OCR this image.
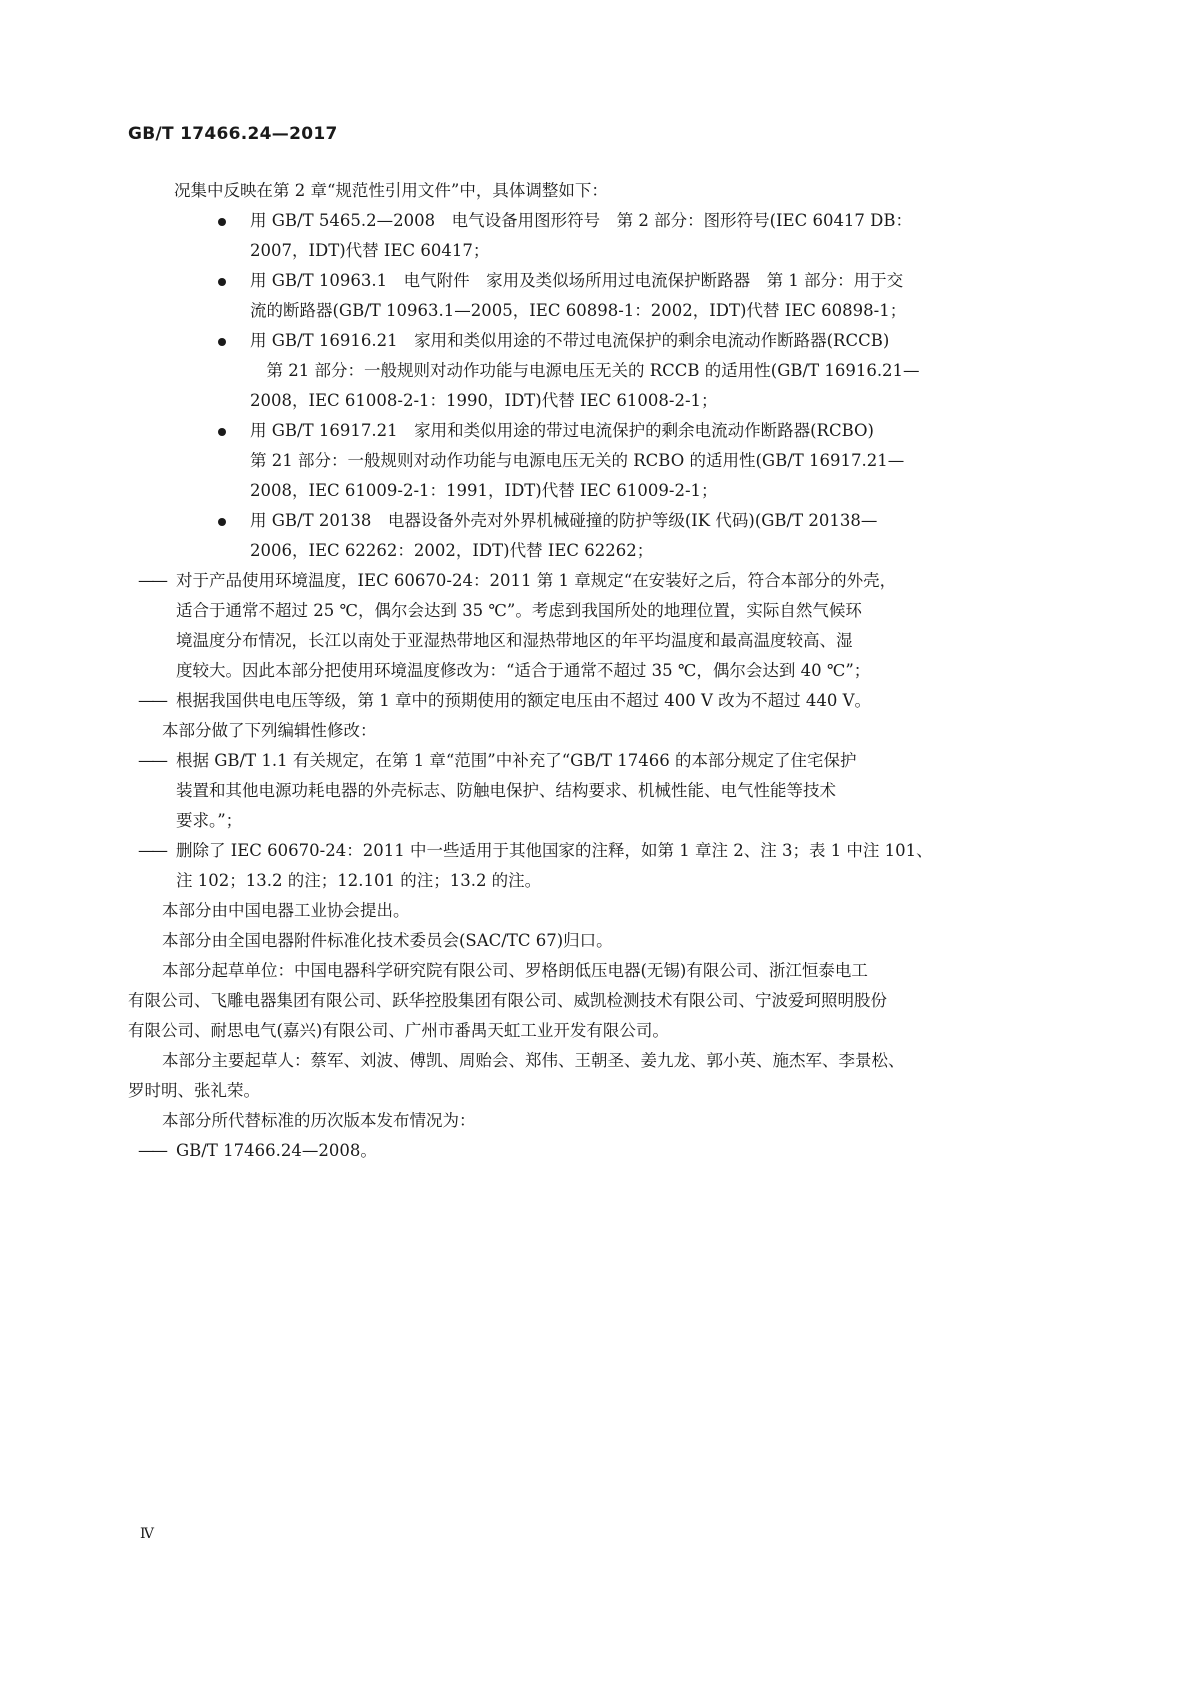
GB/T 17466.24—2017
况集中反映在第 2 章“规范性引用文件”中，具体调整如下：
用 GB/T 5465.2—2008　电气设备用图形符号　第 2 部分：图形符号(IEC 60417 DB：
2007，IDT)代替 IEC 60417；
用 GB/T 10963.1　电气附件　家用及类似场所用过电流保护断路器　第 1 部分：用于交
流的断路器(GB/T 10963.1—2005，IEC 60898-1：2002，IDT)代替 IEC 60898-1；
用 GB/T 16916.21　家用和类似用途的不带过电流保护的剩余电流动作断路器(RCCB)
　第 21 部分：一般规则对动作功能与电源电压无关的 RCCB 的适用性(GB/T 16916.21—
2008，IEC 61008-2-1：1990，IDT)代替 IEC 61008-2-1；
用 GB/T 16917.21　家用和类似用途的带过电流保护的剩余电流动作断路器(RCBO)
第 21 部分：一般规则对动作功能与电源电压无关的 RCBO 的适用性(GB/T 16917.21—
2008，IEC 61009-2-1：1991，IDT)代替 IEC 61009-2-1；
用 GB/T 20138　电器设备外壳对外界机械碰撞的防护等级(IK 代码)(GB/T 20138—
2006，IEC 62262：2002，IDT)代替 IEC 62262；
—— 对于产品使用环境温度，IEC 60670-24：2011 第 1 章规定“在安装好之后，符合本部分的外壳，
适合于通常不超过 25 ℃，偶尔会达到 35 ℃”。考虑到我国所处的地理位置，实际自然气候环
境温度分布情况，长江以南处于亚湿热带地区和湿热带地区的年平均温度和最高温度较高、湿
度较大。因此本部分把使用环境温度修改为：“适合于通常不超过 35 ℃，偶尔会达到 40 ℃”；
—— 根据我国供电电压等级，第 1 章中的预期使用的额定电压由不超过 400 V 改为不超过 440 V。
本部分做了下列编辑性修改：
—— 根据 GB/T 1.1 有关规定，在第 1 章“范围”中补充了“GB/T 17466 的本部分规定了住宅保护
装置和其他电源功耗电器的外壳标志、防触电保护、结构要求、机械性能、电气性能等技术
要求。”；
—— 删除了 IEC 60670-24：2011 中一些适用于其他国家的注释，如第 1 章注 2、注 3；表 1 中注 101、
注 102；13.2 的注；12.101 的注；13.2 的注。
本部分由中国电器工业协会提出。
本部分由全国电器附件标准化技术委员会(SAC/TC 67)归口。
本部分起草单位：中国电器科学研究院有限公司、罗格朗低压电器(无锡)有限公司、浙江恒泰电工
有限公司、飞雕电器集团有限公司、跃华控股集团有限公司、威凯检测技术有限公司、宁波爱珂照明股份
有限公司、耐思电气(嘉兴)有限公司、广州市番禺天虹工业开发有限公司。
本部分主要起草人：蔡军、刘波、傅凯、周贻会、郑伟、王朝圣、姜九龙、郭小英、施杰军、李景松、
罗时明、张礼荣。
本部分所代替标准的历次版本发布情况为：
—— GB/T 17466.24—2008。
Ⅳ
